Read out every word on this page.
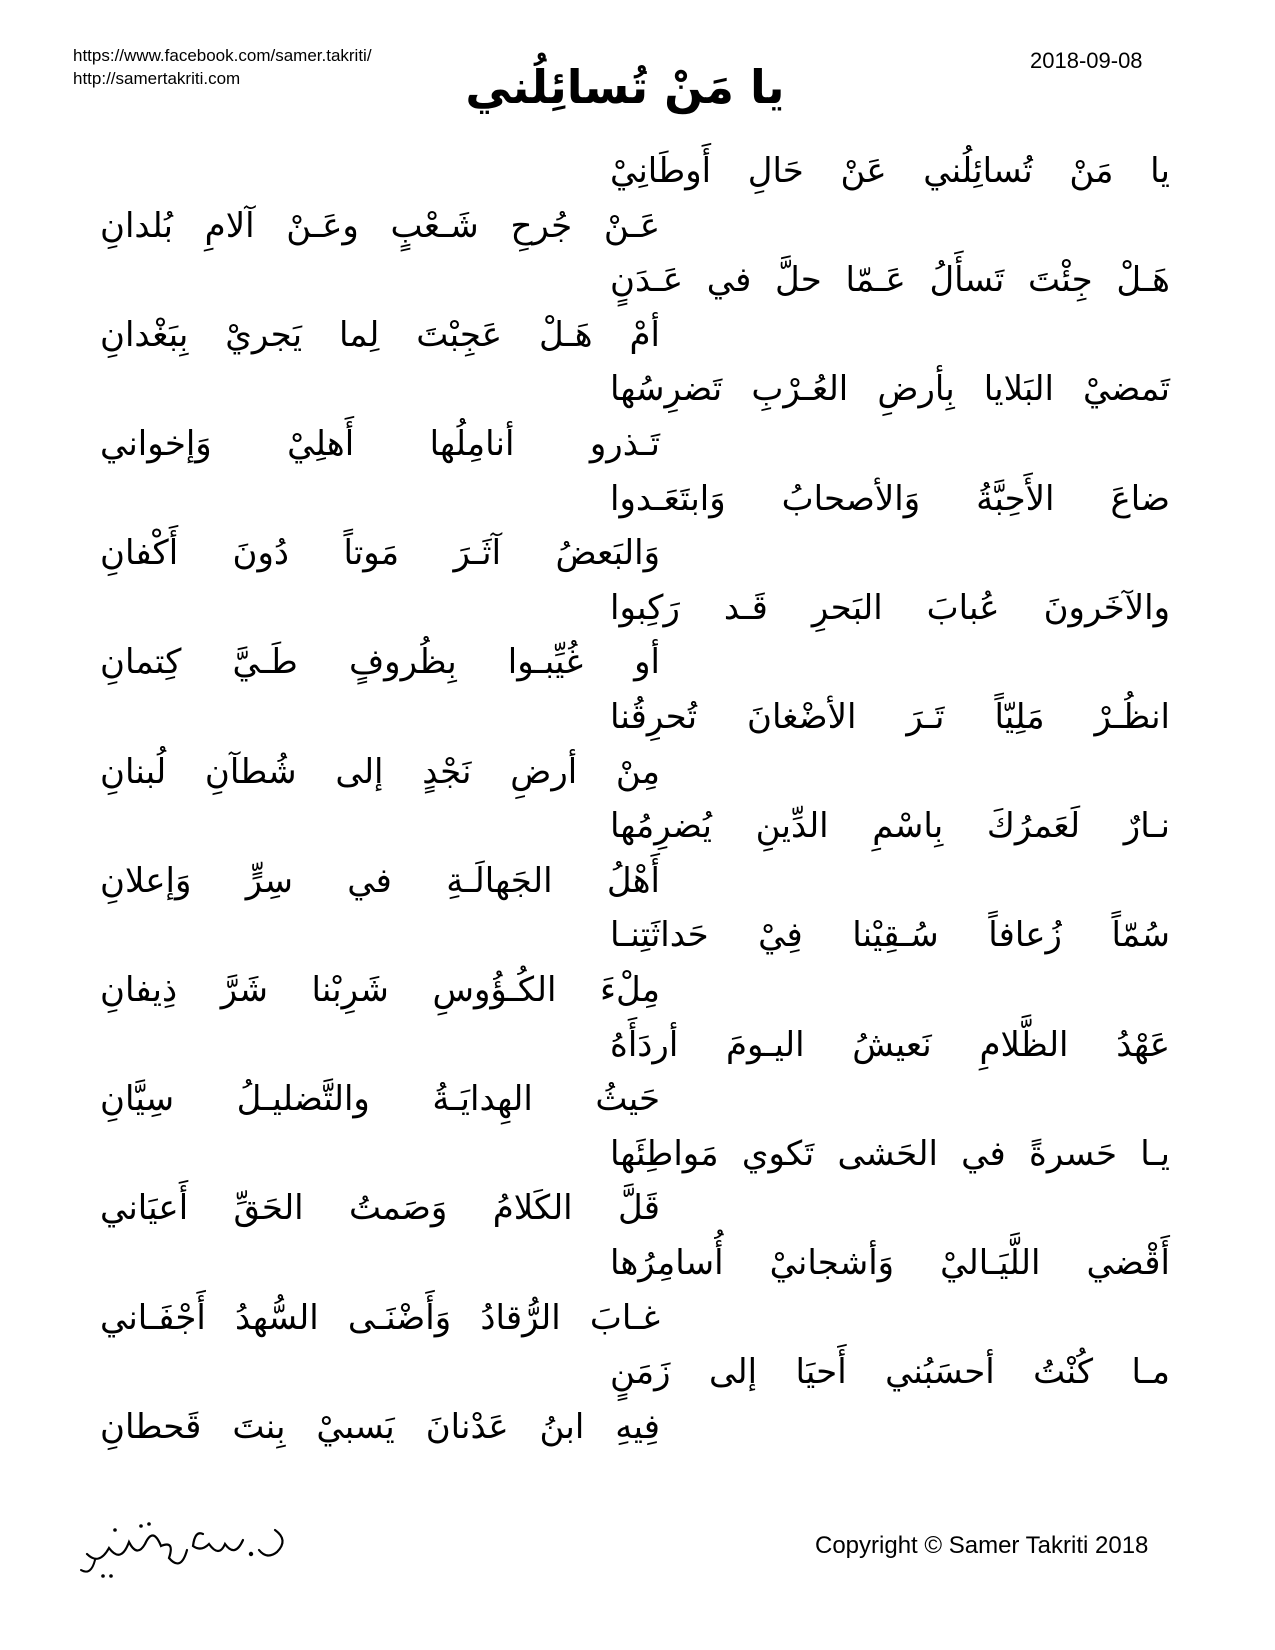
https://www.facebook.com/samer.takriti/
http://samertakriti.com
2018-09-08
يا مَنْ تُسائِلُني
يا مَنْ تُسائِلُني عَنْ حَالِ أَوطَانِيْ
عَـنْ جُرحِ شَـعْبٍ وعَـنْ آلامِ بُلدانِ
هَـلْ جِئْتَ تَسأَلُ عَـمّا حلَّ في عَـدَنٍ
أمْ هَـلْ عَجِبْتَ لِما يَجريْ بِبَغْدانِ
تَمضيْ البَلايا بِأرضِ العُـرْبِ تَضرِسُها
تَـذرو أنامِلُها أَهلِيْ وَإخواني
ضاعَ الأَحِبَّةُ وَالأصحابُ وَابتَعَـدوا
وَالبَعضُ آثَـرَ مَوتاً دُونَ أَكْفانِ
والآخَرونَ عُبابَ البَحرِ قَـد رَكِبوا
أو غُيِّبـوا بِظُروفٍ طَـيَّ كِتمانِ
انظُـرْ مَلِيّاً تَـرَ الأضْغانَ تُحرِقُنا
مِنْ أرضِ نَجْدٍ إلى شُطآنِ لُبنانِ
نـارٌ لَعَمرُكَ بِاسْمِ الدِّينِ يُضرِمُها
أَهْلُ الجَهالَـةِ في سِرٍّ وَإعلانِ
سُمّاً زُعافاً سُـقِيْنا فِيْ حَداثَتِنـا
مِلْءَ الكُـؤُوسِ شَرِبْنا شَرَّ ذِيفانِ
عَهْدُ الظَّلامِ نَعيشُ اليـومَ أردَأَهُ
حَيثُ الهِدايَـةُ والتَّضليـلُ سِيَّانِ
يـا حَسرةً في الحَشى تَكوي مَواطِئَها
قَلَّ الكَلامُ وَصَمتُ الحَقِّ أَعيَاني
أَقْضي اللَّيَـاليْ وَأشجانيْ أُسامِرُها
غـابَ الرُّقادُ وَأَضْنَـى السُّهدُ أَجْفَـاني
مـا كُنْتُ أحسَبُني أَحيَا إلى زَمَنٍ
فِيهِ ابنُ عَدْنانَ يَسبيْ بِنتَ قَحطانِ
Copyright © Samer Takriti 2018
